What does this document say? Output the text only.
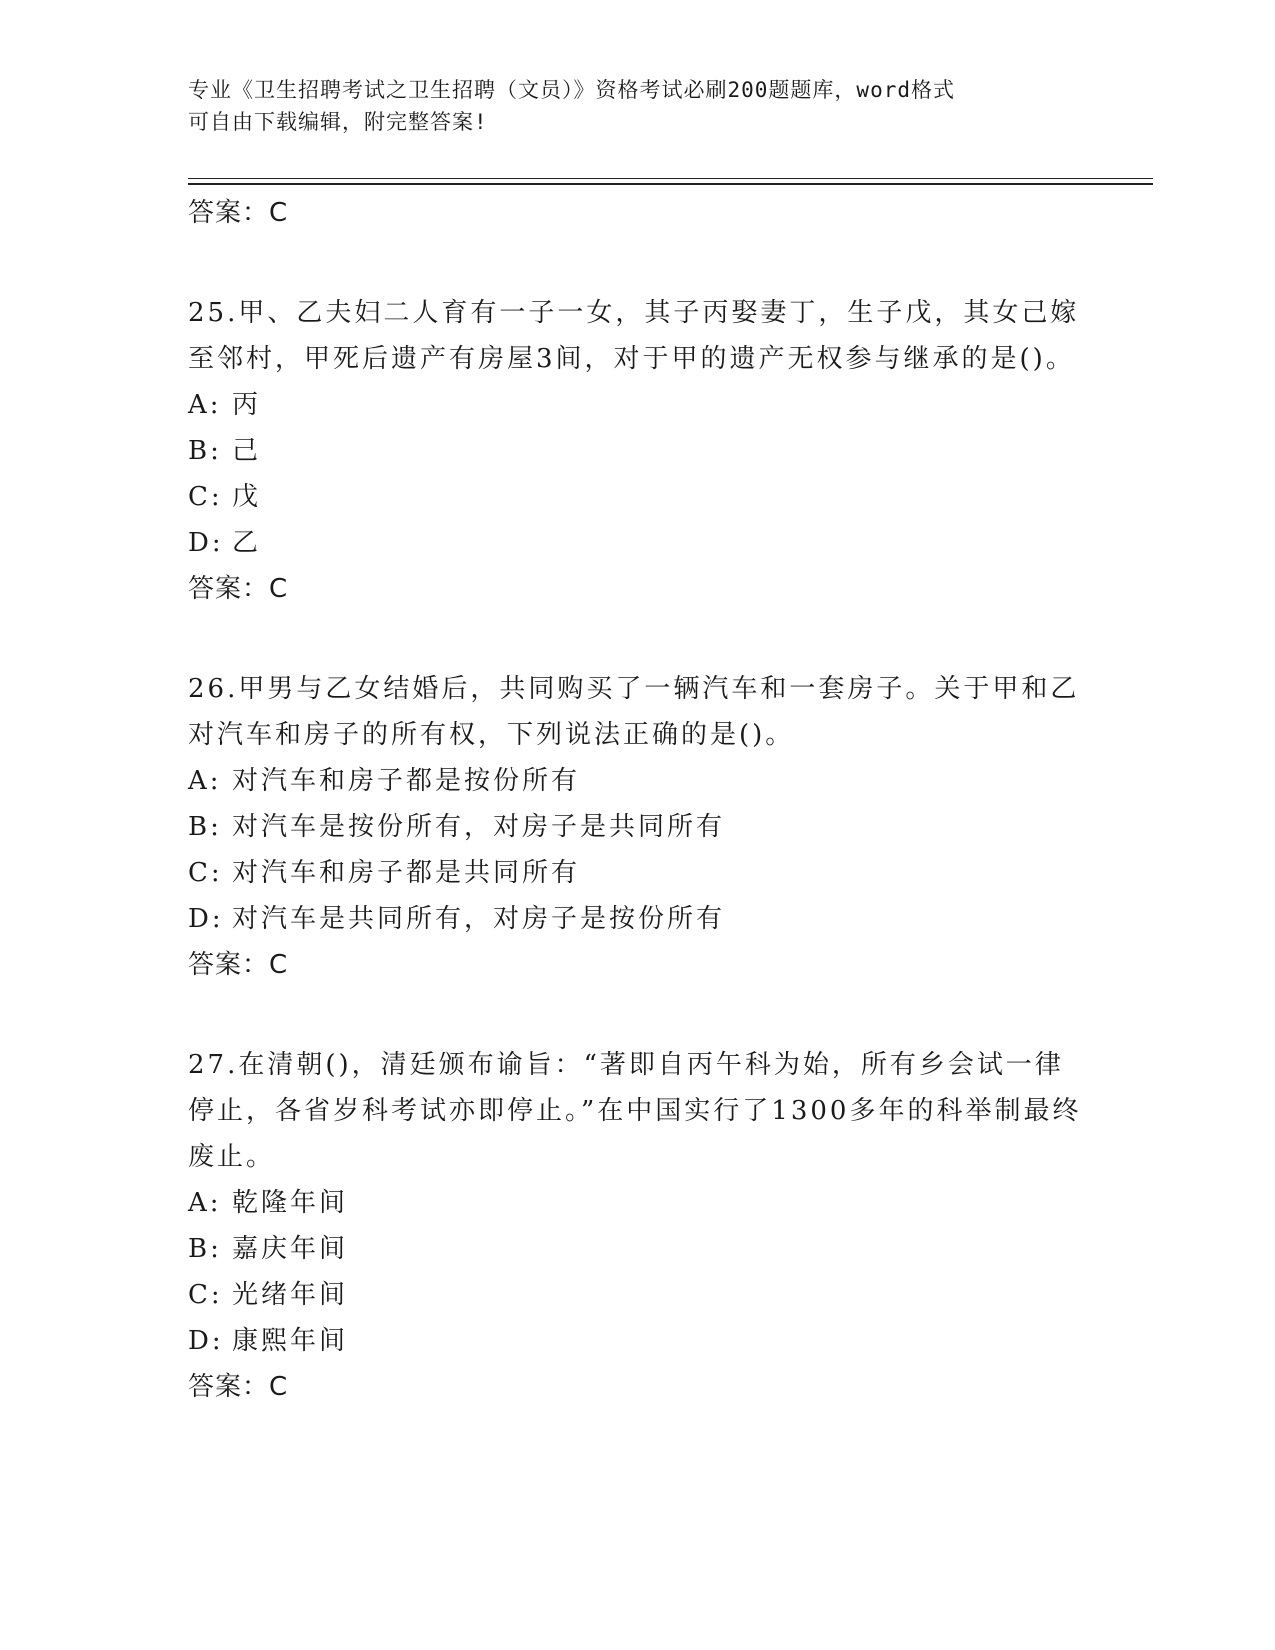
专业《卫生招聘考试之卫生招聘（文员）》资格考试必刷200题题库，word格式
可自由下载编辑，附完整答案!
答案：C
25.甲、乙夫妇二人育有一子一女，其子丙娶妻丁，生子戊，其女己嫁至邻村，甲死后遗产有房屋3间，对于甲的遗产无权参与继承的是()。
A: 丙
B: 己
C: 戊
D: 乙
答案：C
26.甲男与乙女结婚后，共同购买了一辆汽车和一套房子。关于甲和乙对汽车和房子的所有权，下列说法正确的是()。
A: 对汽车和房子都是按份所有
B: 对汽车是按份所有，对房子是共同所有
C: 对汽车和房子都是共同所有
D: 对汽车是共同所有，对房子是按份所有
答案：C
27.在清朝()，清廷颁布谕旨：“著即自丙午科为始，所有乡会试一律停止，各省岁科考试亦即停止。”在中国实行了1300多年的科举制最终废止。
A: 乾隆年间
B: 嘉庆年间
C: 光绪年间
D: 康熙年间
答案：C
